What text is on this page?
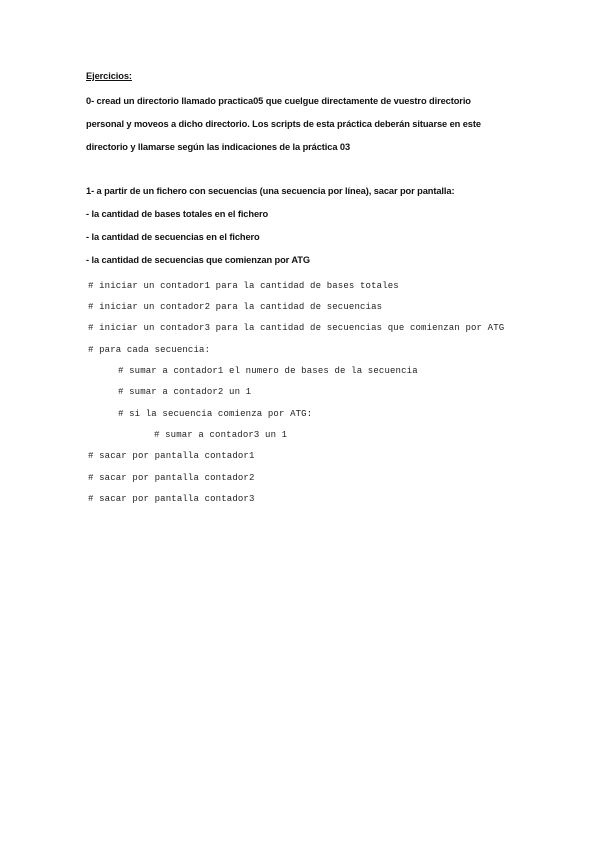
Ejercicios:
0- cread un directorio llamado practica05 que cuelgue directamente de vuestro directorio
personal y moveos a dicho directorio. Los scripts de esta práctica deberán situarse en este
directorio y llamarse según las indicaciones de la práctica 03
1- a partir de un fichero con secuencias (una secuencia por línea), sacar por pantalla:
- la cantidad de bases totales en el fichero
- la cantidad de secuencias en el fichero
- la cantidad de secuencias que comienzan por ATG
# iniciar un contador1 para la cantidad de bases totales
# iniciar un contador2 para la cantidad de secuencias
# iniciar un contador3 para la cantidad de secuencias que comienzan por ATG
# para cada secuencia:
# sumar a contador1 el numero de bases de la secuencia
# sumar a contador2 un 1
# si la secuencia comienza por ATG:
# sumar a contador3 un 1
# sacar por pantalla contador1
# sacar por pantalla contador2
# sacar por pantalla contador3
